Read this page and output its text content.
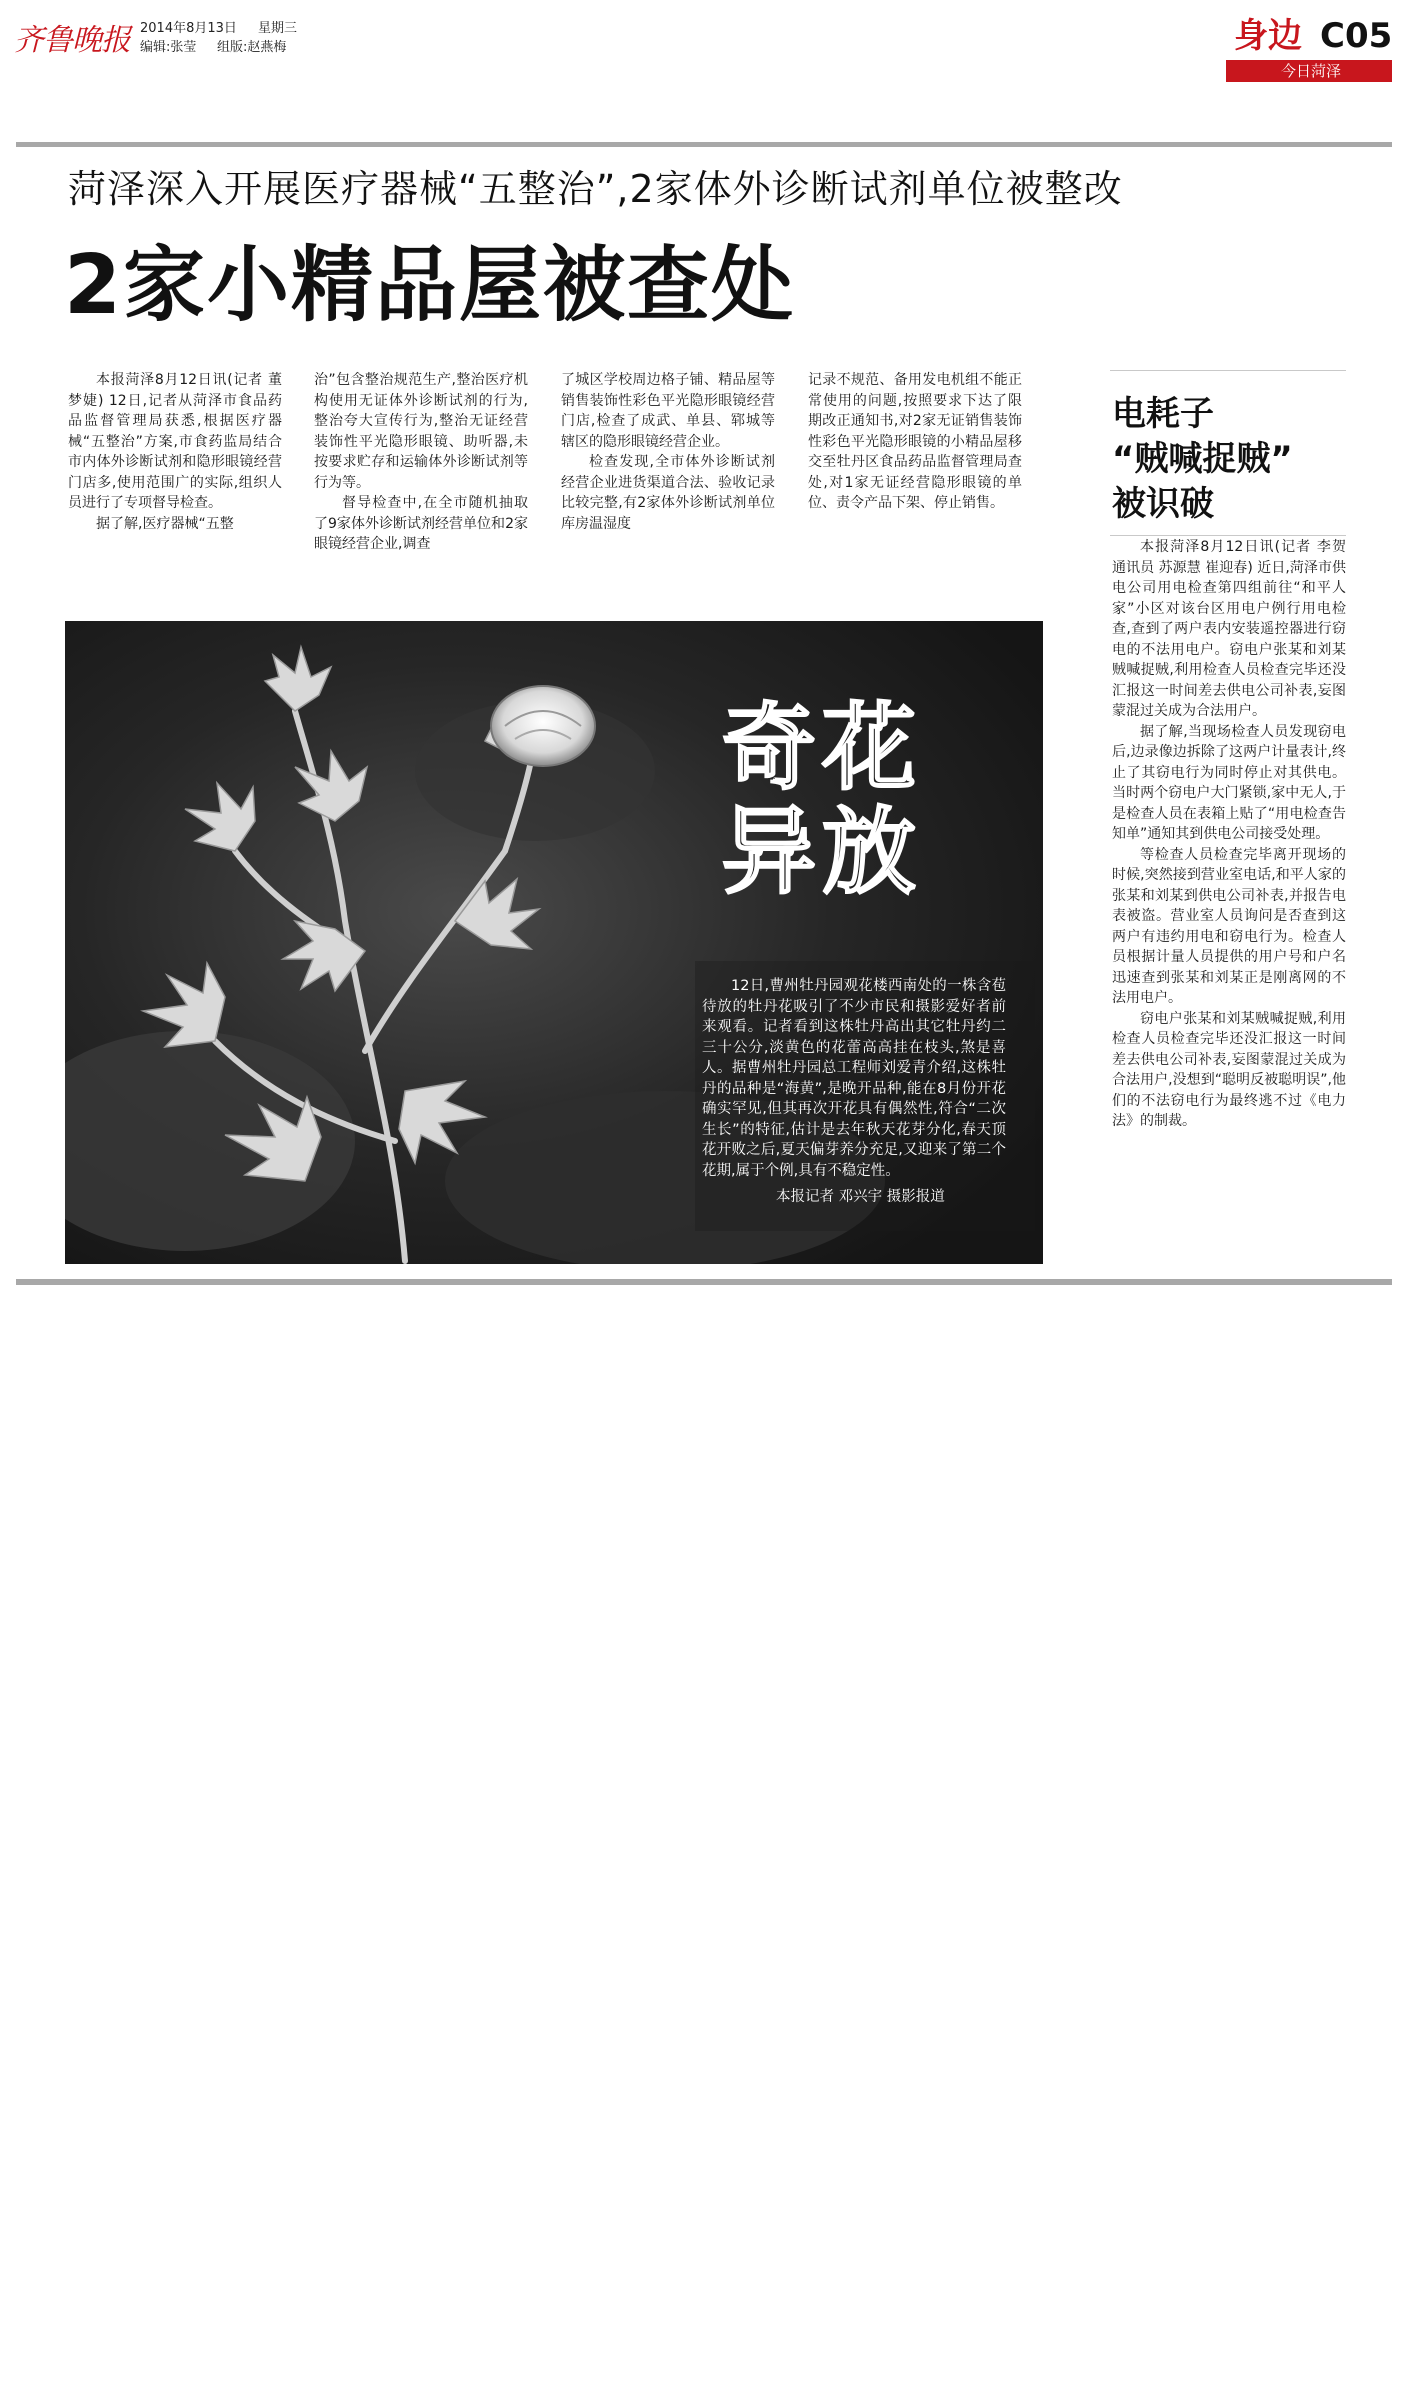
齐鲁晚报 2014年8月13日 星期三
编辑:张莹 组版:赵燕梅	身边 C05
今日菏泽
菏泽深入开展医疗器械“五整治”,2家体外诊断试剂单位被整改
2家小精品屋被查处

本报菏泽8月12日讯(记者 董梦婕) 12日,记者从菏泽市食品药品监督管理局获悉,根据医疗器械“五整治”方案,市食药监局结合市内体外诊断试剂和隐形眼镜经营门店多,使用范围广的实际,组织人员进行了专项督导检查。

据了解,医疗器械“五整

治”包含整治规范生产,整治医疗机构使用无证体外诊断试剂的行为,整治夸大宣传行为,整治无证经营装饰性平光隐形眼镜、助听器,未按要求贮存和运输体外诊断试剂等行为等。

督导检查中,在全市随机抽取了9家体外诊断试剂经营单位和2家眼镜经营企业,调查

了城区学校周边格子铺、精品屋等销售装饰性彩色平光隐形眼镜经营门店,检查了成武、单县、郓城等辖区的隐形眼镜经营企业。

检查发现,全市体外诊断试剂经营企业进货渠道合法、验收记录比较完整,有2家体外诊断试剂单位库房温湿度

记录不规范、备用发电机组不能正常使用的问题,按照要求下达了限期改正通知书,对2家无证销售装饰性彩色平光隐形眼镜的小精品屋移交至牡丹区食品药品监督管理局查处,对1家无证经营隐形眼镜的单位、责令产品下架、停止销售。

奇花
异放
12日,曹州牡丹园观花楼西南处的一株含苞待放的牡丹花吸引了不少市民和摄影爱好者前来观看。记者看到这株牡丹高出其它牡丹约二三十公分,淡黄色的花蕾高高挂在枝头,煞是喜人。据曹州牡丹园总工程师刘爱青介绍,这株牡丹的品种是“海黄”,是晚开品种,能在8月份开花确实罕见,但其再次开花具有偶然性,符合“二次生长”的特征,估计是去年秋天花芽分化,春天顶花开败之后,夏天偏芽养分充足,又迎来了第二个花期,属于个例,具有不稳定性。
本报记者 邓兴宇 摄影报道
电耗子
“贼喊捉贼”
被识破

本报菏泽8月12日讯(记者 李贺 通讯员 苏源慧 崔迎春) 近日,菏泽市供电公司用电检查第四组前往“和平人家”小区对该台区用电户例行用电检查,查到了两户表内安装遥控器进行窃电的不法用电户。窃电户张某和刘某贼喊捉贼,利用检查人员检查完毕还没汇报这一时间差去供电公司补表,妄图蒙混过关成为合法用户。

据了解,当现场检查人员发现窃电后,边录像边拆除了这两户计量表计,终止了其窃电行为同时停止对其供电。当时两个窃电户大门紧锁,家中无人,于是检查人员在表箱上贴了“用电检查告知单”通知其到供电公司接受处理。

等检查人员检查完毕离开现场的时候,突然接到营业室电话,和平人家的张某和刘某到供电公司补表,并报告电表被盗。营业室人员询问是否查到这两户有违约用电和窃电行为。检查人员根据计量人员提供的用户号和户名迅速查到张某和刘某正是刚离网的不法用电户。

窃电户张某和刘某贼喊捉贼,利用检查人员检查完毕还没汇报这一时间差去供电公司补表,妄图蒙混过关成为合法用户,没想到“聪明反被聪明误”,他们的不法窃电行为最终逃不过《电力法》的制裁。
